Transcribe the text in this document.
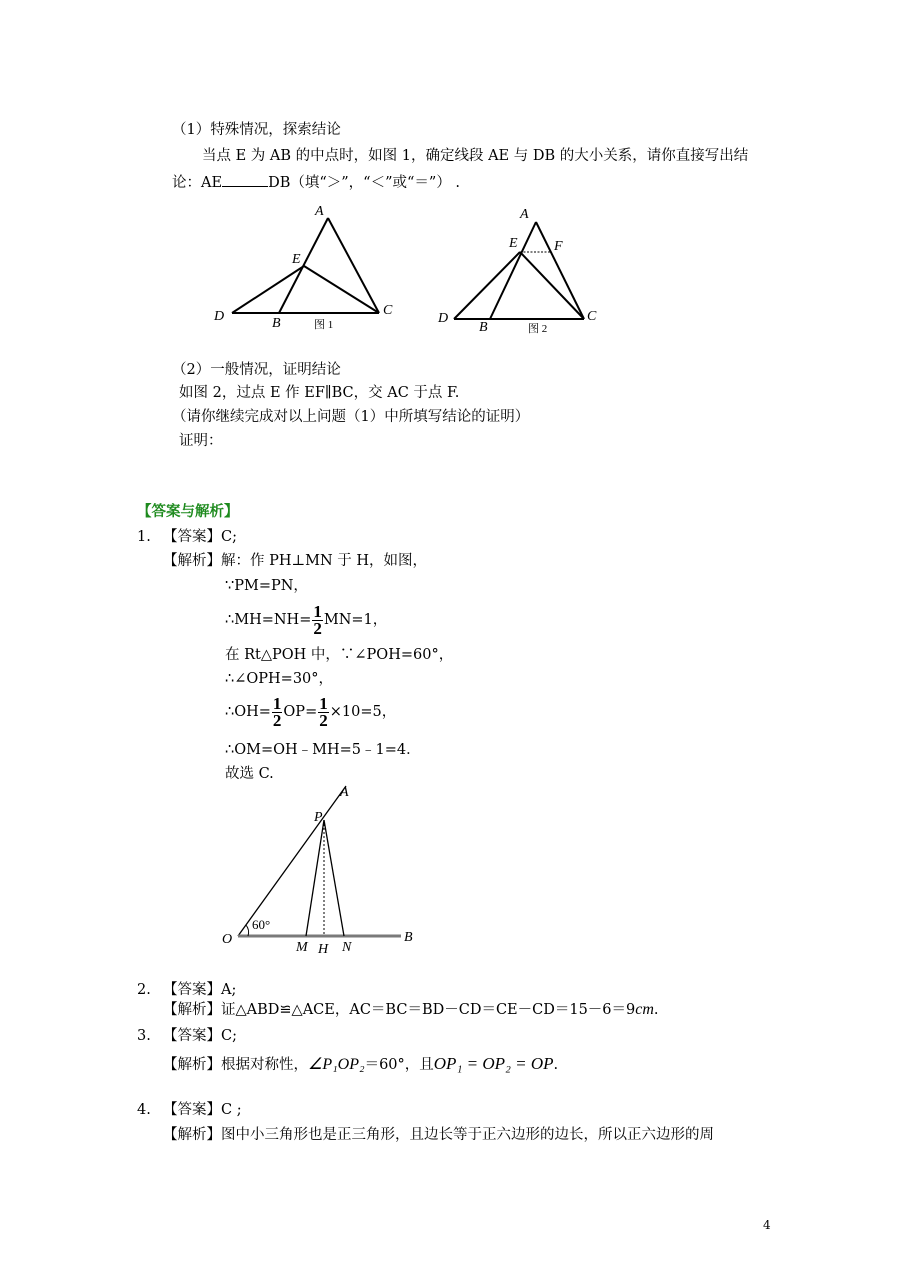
（1）特殊情况，探索结论
当点 E 为 AB 的中点时，如图 1，确定线段 AE 与 DB 的大小关系，请你直接写出结
论：AE	DB（填“＞”，“＜”或“＝”） .
A
E
D	B
C
图 1
A
E	F
D
B
C
图 2
（2）一般情况，证明结论
如图 2，过点 E 作 EF∥BC，交 AC 于点 F.
（请你继续完成对以上问题（1）中所填写结论的证明）
证明：
【答案与解析】
1. 【答案】C;
【解析】解：作 PH⊥MN 于 H，如图，
∵PM=PN，
∴MH=NH= $\frac{1}{2} MN=1$，
在 Rt△POH 中，∵∠POH=60°，
∴∠OPH=30°，
∴OH= $\frac{1}{2} OP= \frac{1}{2} \times 10=5$，
∴OM=OH﹣MH=5﹣1=4．
故选 C.
A
P
O
60°
M H N
B
2. 【答案】A;
【解析】证△ABD≌△ACE，AC＝BC＝BD－CD＝CE－CD＝15－6＝9cm.
3. 【答案】C;
【解析】根据对称性，∠P₁OP₂＝60°，且OP₁ = OP₂ = OP.
4. 【答案】C ;
【解析】图中小三角形也是正三角形，且边长等于正六边形的边长，所以正六边形的周
4
